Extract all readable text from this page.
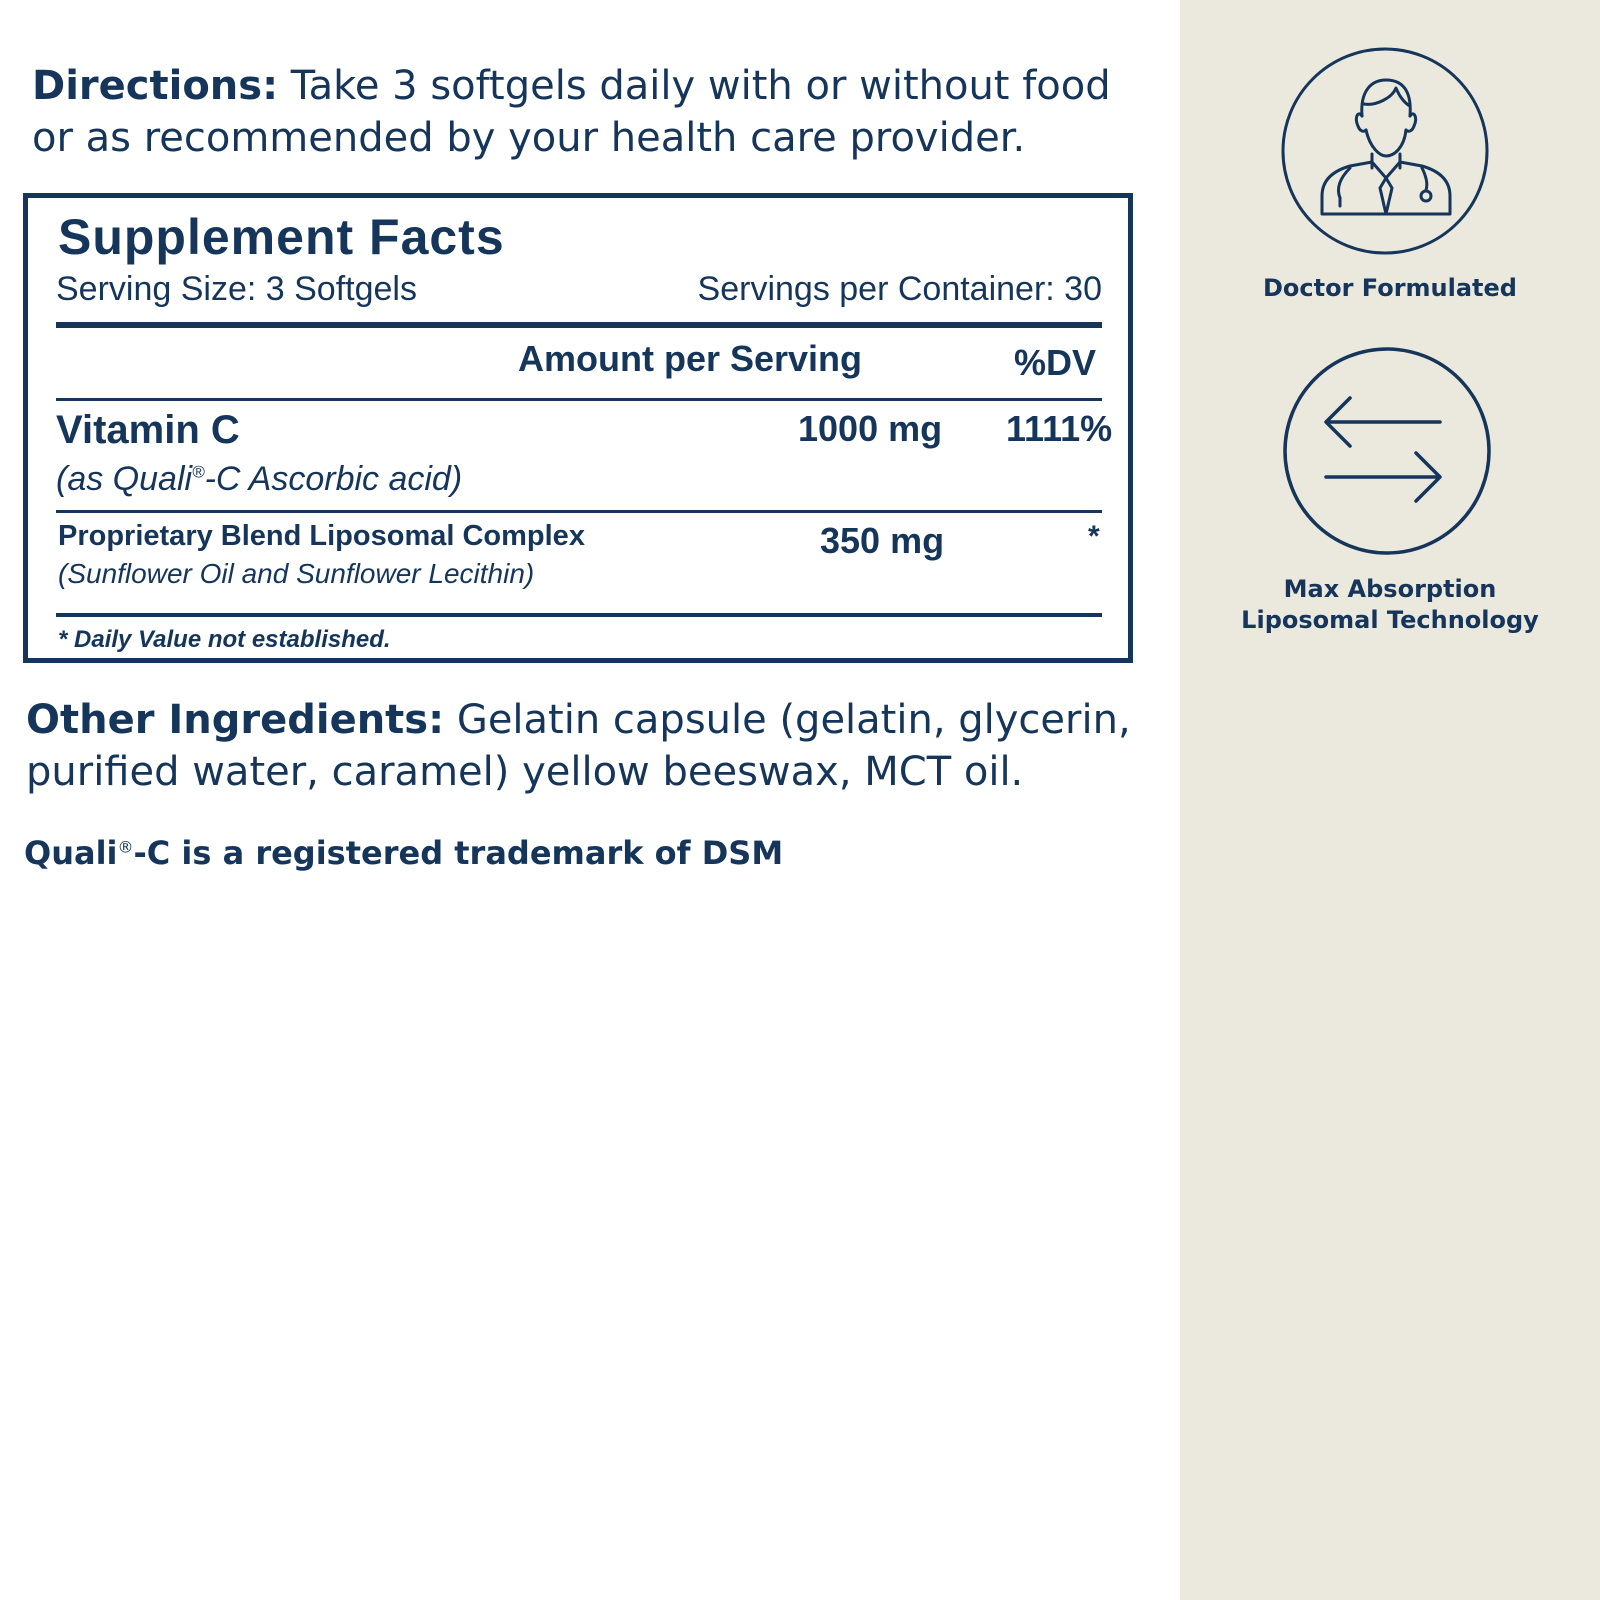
Directions: Take 3 softgels daily with or without food or as recommended by your health care provider.
Supplement Facts
Serving Size: 3 Softgels	Servings per Container: 30
Amount per Serving	%DV
Vitamin C
(as Quali®-C Ascorbic acid)
1000 mg 1111%
Proprietary Blend Liposomal Complex
(Sunflower Oil and Sunflower Lecithin)
350 mg	*
* Daily Value not established.
Other Ingredients: Gelatin capsule (gelatin, glycerin, purified water, caramel) yellow beeswax, MCT oil.
Quali®-C is a registered trademark of DSM
Doctor Formulated
Max Absorption
Liposomal Technology
